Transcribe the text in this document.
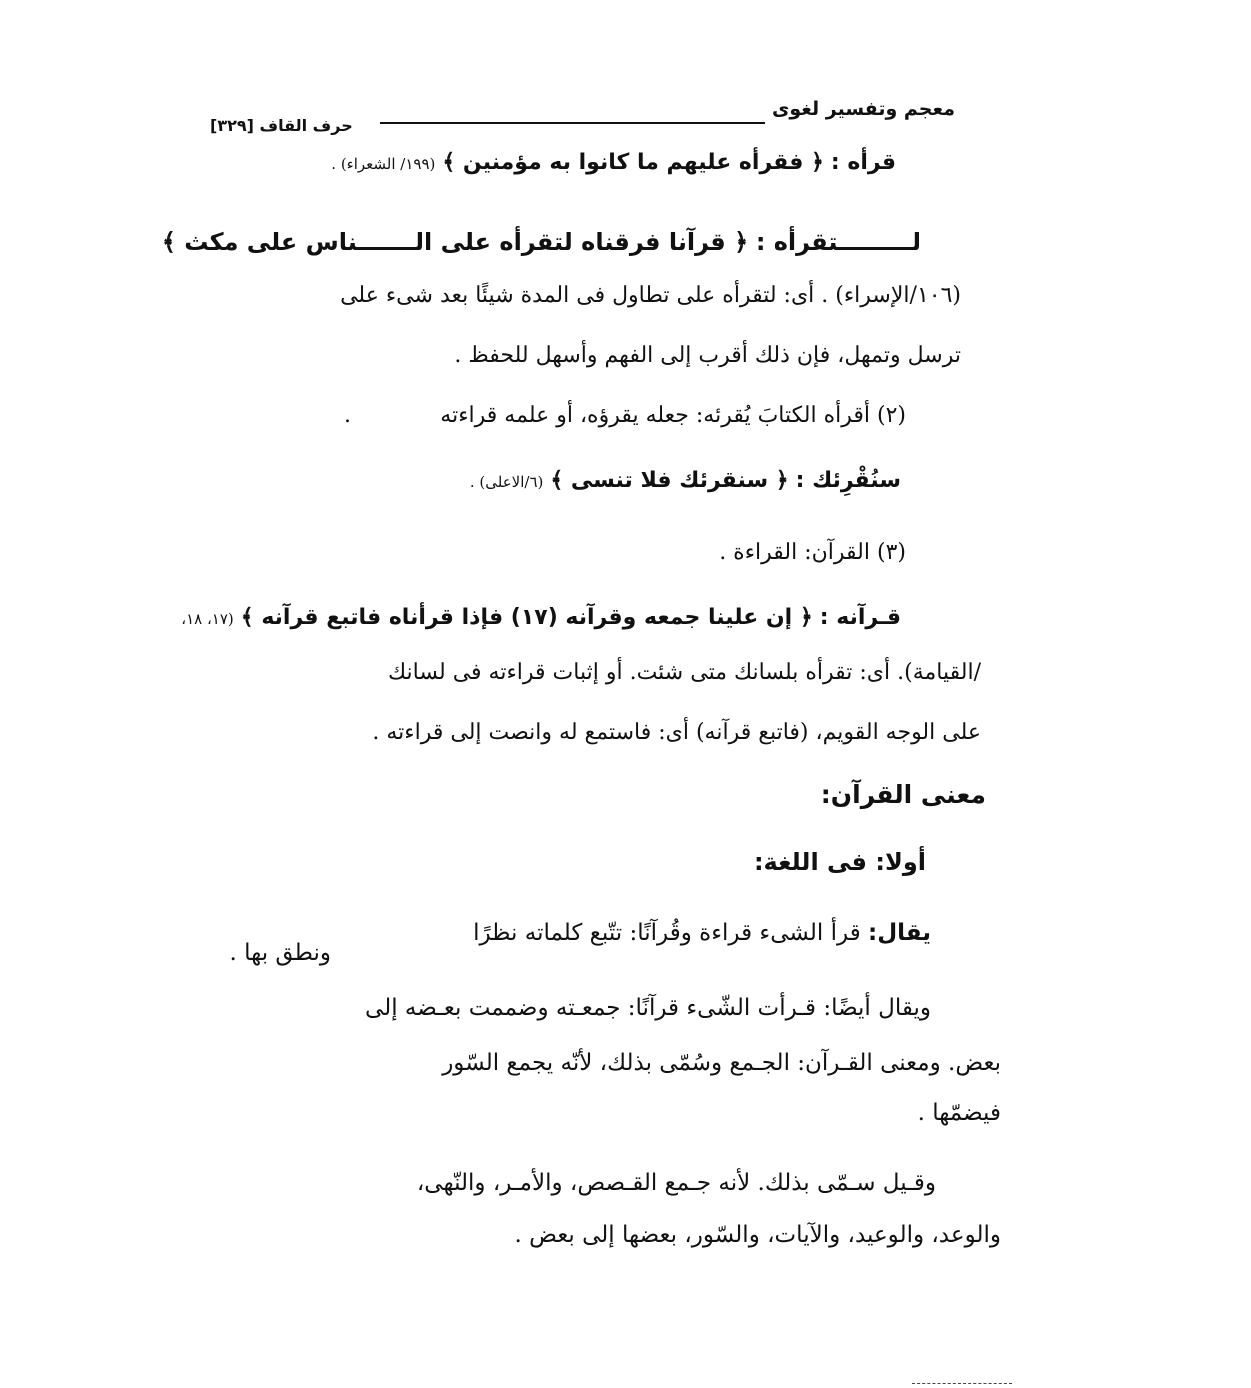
معجم وتفسير لغوى
حرف القاف [٣٢٩]
قرأه : ﴿ فقرأه عليهم ما كانوا به مؤمنين ﴾ (١٩٩/ الشعراء) .
لـــــــــتقرأه : ﴿ قرآنا فرقناه لتقرأه على الـــــــناس على مكث ﴾
(١٠٦/الإسراء) . أى: لتقرأه على تطاول فى المدة شيئًا بعد شىء على
ترسل وتمهل، فإن ذلك أقرب إلى الفهم وأسهل للحفظ .
(٢) أقرأه الكتابَ يُقرئه: جعله يقرؤه، أو علمه قراءته
.
سنُقْرِئك : ﴿ سنقرئك فلا تنسى ﴾ (٦/الاعلى) .
(٣) القرآن: القراءة .
قـرآنه : ﴿ إن علينا جمعه وقرآنه (١٧) فإذا قرأناه فاتبع قرآنه ﴾ (١٧، ١٨،
/القيامة). أى: تقرأه بلسانك متى شئت. أو إثبات قراءته فى لسانك
على الوجه القويم، (فاتبع قرآنه) أى: فاستمع له وانصت إلى قراءته .
معنى القرآن:
أولا: فى اللغة:
يقال: قرأ الشىء قراءة وقُرآنًا: تتّبع كلماته نظرًا
ونطق بها .
ويقال أيضًا: قـرأت الشّىء قرآنًا: جمعـته وضممت بعـضه إلى
بعض. ومعنى القـرآن: الجـمع وسُمّى بذلك، لأنّه يجمع السّور
فيضمّها .
وقـيل سـمّى بذلك. لأنه جـمع القـصص، والأمـر، والنّهى،
والوعد، والوعيد، والآيات، والسّور، بعضها إلى بعض .
